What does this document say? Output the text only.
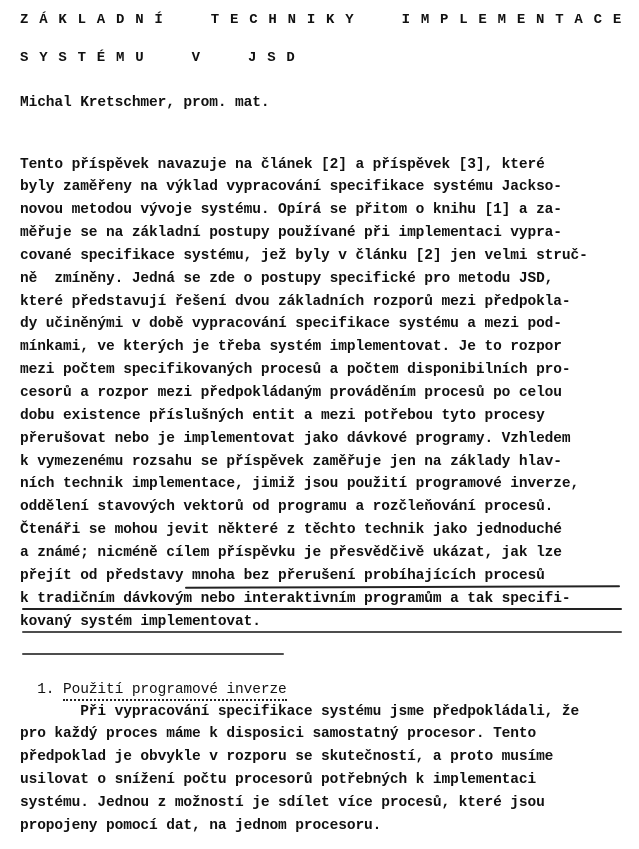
ZÁKLADNÍ TECHNIKY IMPLEMENTACE
SYSTÉMU V JSD
Michal Kretschmer, prom. mat.
Tento příspěvek navazuje na článek [2] a příspěvek [3], které
byly zaměřeny na výklad vypracování specifikace systému Jackso-
novou metodou vývoje systému. Opírá se přitom o knihu [1] a za-
měřuje se na základní postupy používané při implementaci vypra-
cované specifikace systému, jež byly v článku [2] jen velmi struč-
ně  zmíněny. Jedná se zde o postupy specifické pro metodu JSD,
které představují řešení dvou základních rozporů mezi předpokla-
dy učiněnými v době vypracování specifikace systému a mezi pod-
mínkami, ve kterých je třeba systém implementovat. Je to rozpor
mezi počtem specifikovaných procesů a počtem disponibilních pro-
cesorů a rozpor mezi předpokládaným prováděním procesů po celou
dobu existence příslušných entit a mezi potřebou tyto procesy
přerušovat nebo je implementovat jako dávkové programy. Vzhledem
k vymezenému rozsahu se příspěvek zaměřuje jen na základy hlav-
ních technik implementace, jimiž jsou použití programové inverze,
oddělení stavových vektorů od programu a rozčleňování procesů.
Čtenáři se mohou jevit některé z těchto technik jako jednoduché
a známé; nicméně cílem příspěvku je přesvědčivě ukázat, jak lze
přejít od představy mnoha bez přerušení probíhajících procesů
k tradičním dávkovým nebo interaktivním programům a tak specifi-
kovaný systém implementovat.

1. Použití programové inverze

Při vypracování specifikace systému jsme předpokládali, že
pro každý proces máme k disposici samostatný procesor. Tento
předpoklad je obvykle v rozporu se skutečností, a proto musíme
usilovat o snížení počtu procesorů potřebných k implementaci
systému. Jednou z možností je sdílet více procesů, které jsou
propojeny pomocí dat, na jednom procesoru.
